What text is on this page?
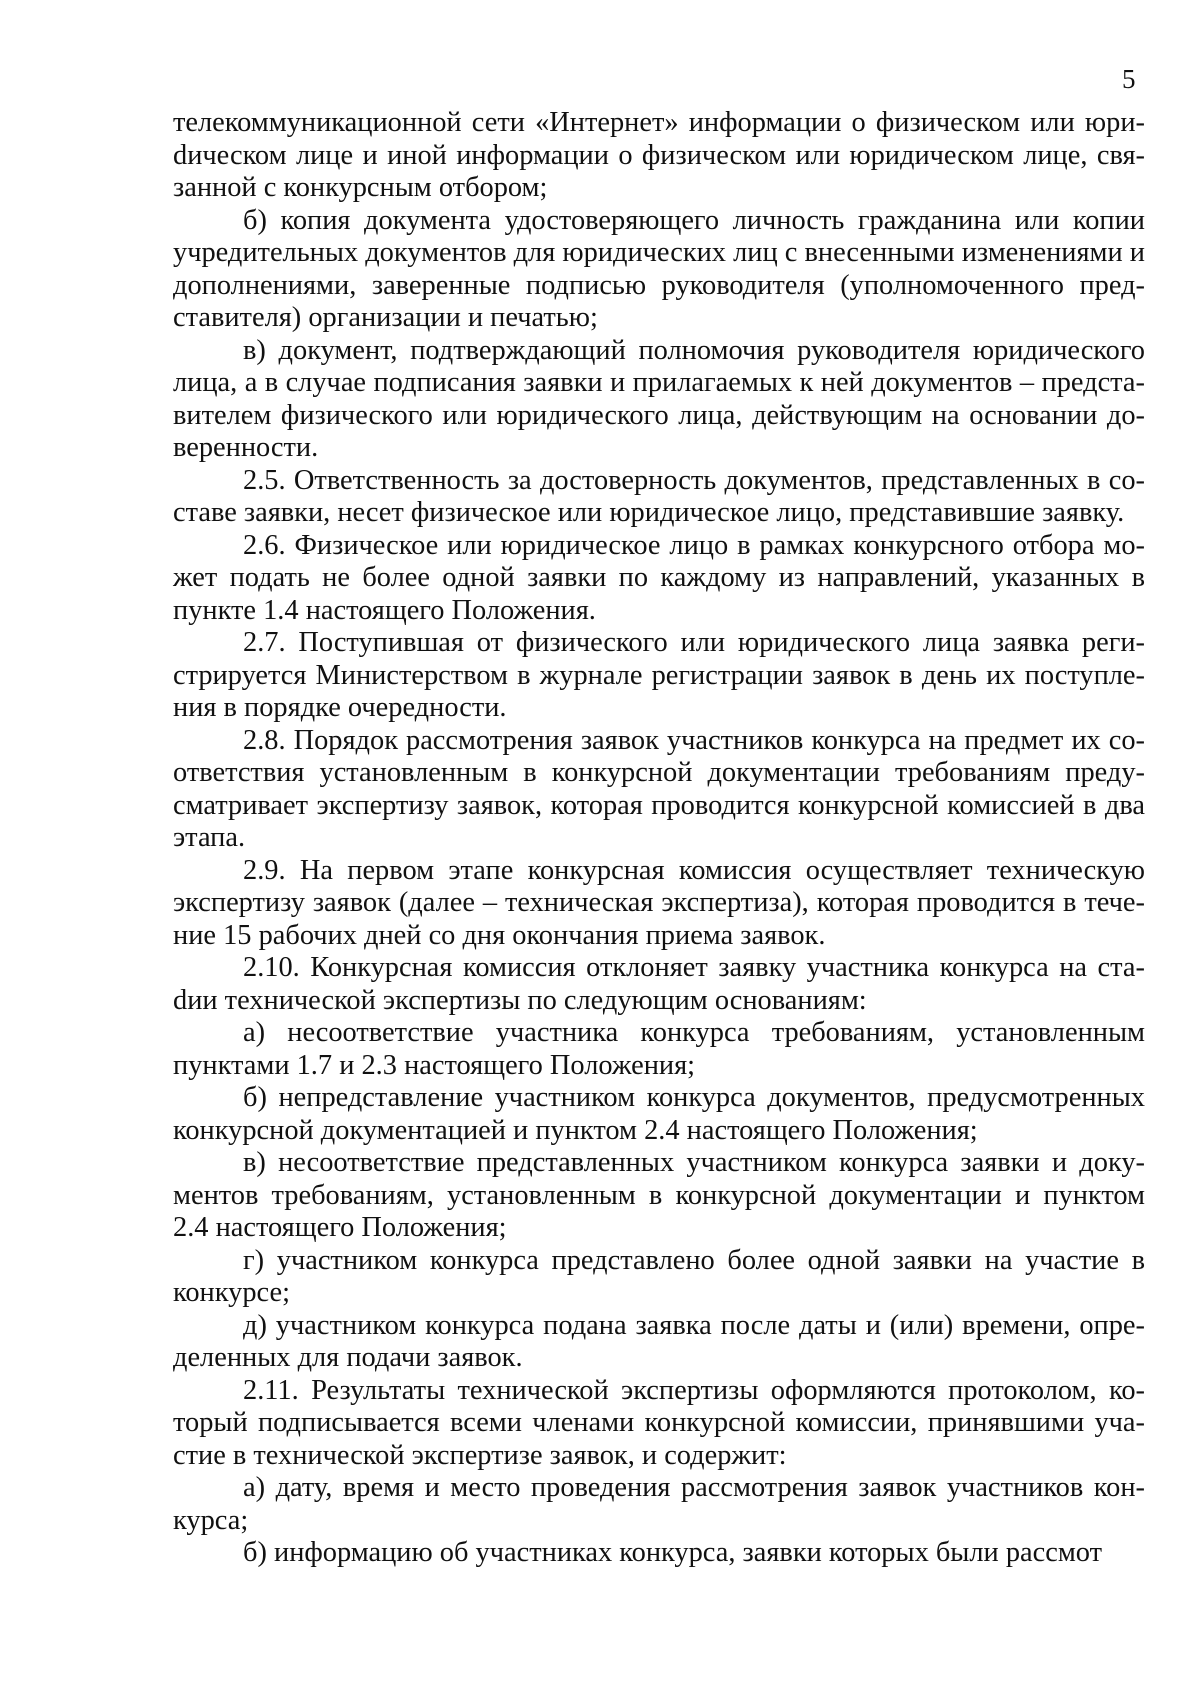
5

телекоммуникационной сети «Интернет» информации о физическом или юриdическом лице и иной информации о физическом или юридическом лице, связанной с конкурсным отбором;

б) копия документа удостоверяющего личность гражданина или копии учредительных документов для юридических лиц с внесенными изменениями и дополнениями, заверенные подписью руководителя (уполномоченного представителя) организации и печатью;

в) документ, подтверждающий полномочия руководителя юридического лица, а в случае подписания заявки и прилагаемых к ней документов – представителем физического или юридического лица, действующим на основании доверенности.

2.5. Ответственность за достоверность документов, представленных в составе заявки, несет физическое или юридическое лицо, представившие заявку.

2.6. Физическое или юридическое лицо в рамках конкурсного отбора может подать не более одной заявки по каждому из направлений, указанных в пункте 1.4 настоящего Положения.

2.7. Поступившая от физического или юридического лица заявка регистрируется Министерством в журнале регистрации заявок в день их поступления в порядке очередности.

2.8. Порядок рассмотрения заявок участников конкурса на предмет их соответствия установленным в конкурсной документации требованиям предусматривает экспертизу заявок, которая проводится конкурсной комиссией в два этапа.

2.9. На первом этапе конкурсная комиссия осуществляет техническую экспертизу заявок (далее – техническая экспертиза), которая проводится в течение 15 рабочих дней со дня окончания приема заявок.

2.10. Конкурсная комиссия отклоняет заявку участника конкурса на стаdии технической экспертизы по следующим основаниям:

а) несоответствие участника конкурса требованиям, установленным пунктами 1.7 и 2.3 настоящего Положения;

б) непредставление участником конкурса документов, предусмотренных конкурсной документацией и пунктом 2.4 настоящего Положения;

в) несоответствие представленных участником конкурса заявки и документов требованиям, установленным в конкурсной документации и пунктом 2.4 настоящего Положения;

г) участником конкурса представлено более одной заявки на участие в конкурсе;

д) участником конкурса подана заявка после даты и (или) времени, определенных для подачи заявок.

2.11. Результаты технической экспертизы оформляются протоколом, который подписывается всеми членами конкурсной комиссии, принявшими участие в технической экспертизе заявок, и содержит:

а) дату, время и место проведения рассмотрения заявок участников конкурса;

б) информацию об участниках конкурса, заявки которых были рассмот
